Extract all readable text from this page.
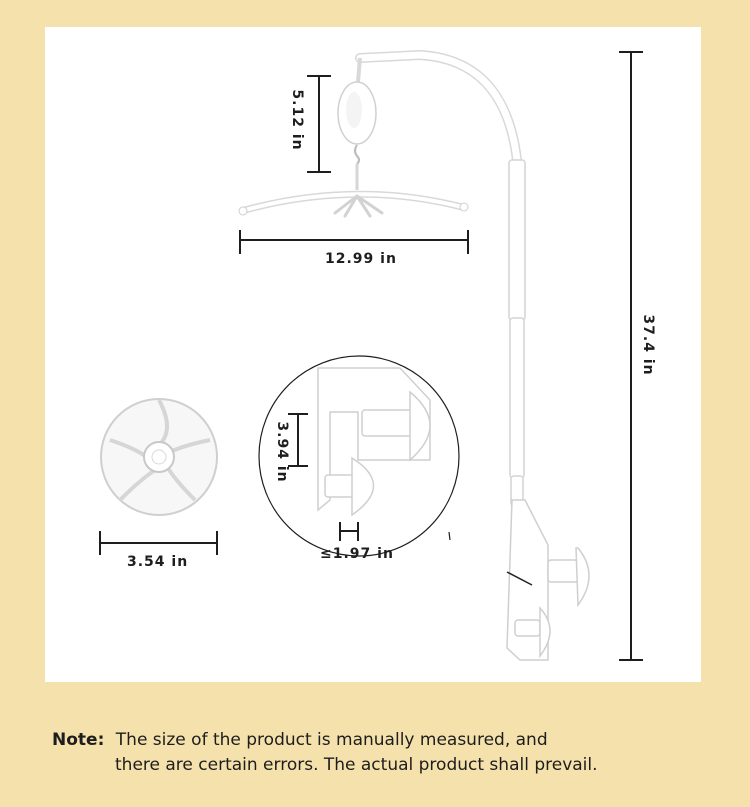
5.12 in
12.99 in
37.4 in
3.94 in
≤1.97 in
3.54 in
Note: The size of the product is manually measured, and
there are certain errors. The actual product shall prevail.
